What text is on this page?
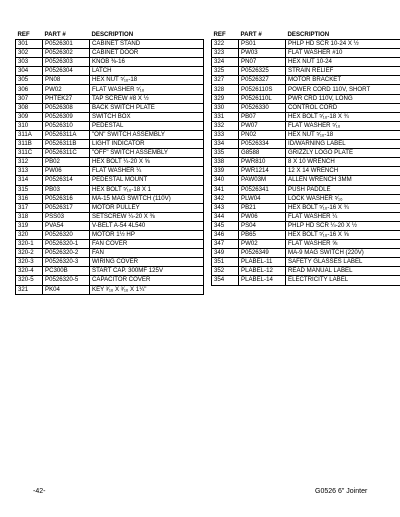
REF	PART #	DESCRIPTION
301	P0526301	CABINET STAND
302	P0526302	CABINET DOOR
303	P0526303	KNOB ⅜-16
304	P0526304	LATCH
305	PN08	HEX NUT ⁵⁄₁₆-18
306	PW02	FLAT WASHER ⁵⁄₁₆
307	PHTEK27	TAP SCREW #8 X ½
308	P0526308	BACK SWITCH PLATE
309	P0526309	SWITCH BOX
310	P0526310	PEDESTAL
311A	P0526311A	"ON" SWITCH ASSEMBLY
311B	P0526311B	LIGHT INDICATOR
311C	P0526311C	"OFF" SWITCH ASSEMBLY
312	PB02	HEX BOLT ¼-20 X ⅝
313	PW06	FLAT WASHER ¼
314	P0526314	PEDESTAL MOUNT
315	PB03	HEX BOLT ⁵⁄₁₆-18 X 1
316	P0526316	MA-15 MAG SWITCH (110V)
317	P0526317	MOTOR PULLEY
318	PSS03	SETSCREW ¼-20 X ⅜
319	PVA54	V-BELT A-54 4L540
320	P0526320	MOTOR 1½ HP
320-1	P0526320-1	FAN COVER
320-2	P0526320-2	FAN
320-3	P0526320-3	WIRING COVER
320-4	PC300B	START CAP. 300MF 125V
320-5	P0526320-5	CAPACITOR COVER
321	PK04	KEY ³⁄₁₆ X ³⁄₁₆ X 1¼"
REF	PART #	DESCRIPTION
322	PS01	PHLP HD SCR 10-24 X ½
323	PW03	FLAT WASHER #10
324	PN07	HEX NUT 10-24
325	P0526325	STRAIN RELIEF
327	P0526327	MOTOR BRACKET
328	P0526110S	POWER CORD 110V, SHORT
329	P0526110L	PWR CRD 110V, LONG
330	P0526330	CONTROL CORD
331	PB07	HEX BOLT ⁵⁄₁₆-18 X ¾
332	PW07	FLAT WASHER ⁵⁄₁₆
333	PN02	HEX NUT ⁵⁄₁₆-18
334	P0526334	ID/WARNING LABEL
335	G8588	GRIZZLY LOGO PLATE
338	PWR810	8 X 10 WRENCH
339	PWR1214	12 X 14 WRENCH
340	PAW03M	ALLEN WRENCH 3MM
341	P0526341	PUSH PADDLE
342	PLW04	LOCK WASHER ⁵⁄₁₆
343	PB21	HEX BOLT ⁵⁄₁₆-16 X ¾
344	PW06	FLAT WASHER ¼
345	PS04	PHLP HD SCR ¼-20 X ½
346	PB65	HEX BOLT ⁵⁄₁₆-16 X ⅝
347	PW02	FLAT WASHER ⅝
349	P0526349	MA-9 MAG SWITCH (220V)
351	PLABEL-11	SAFETY GLASSES LABEL
352	PLABEL-12	READ MANUAL LABEL
354	PLABEL-14	ELECTRICITY LABEL
-42-	G0526 6" Jointer
